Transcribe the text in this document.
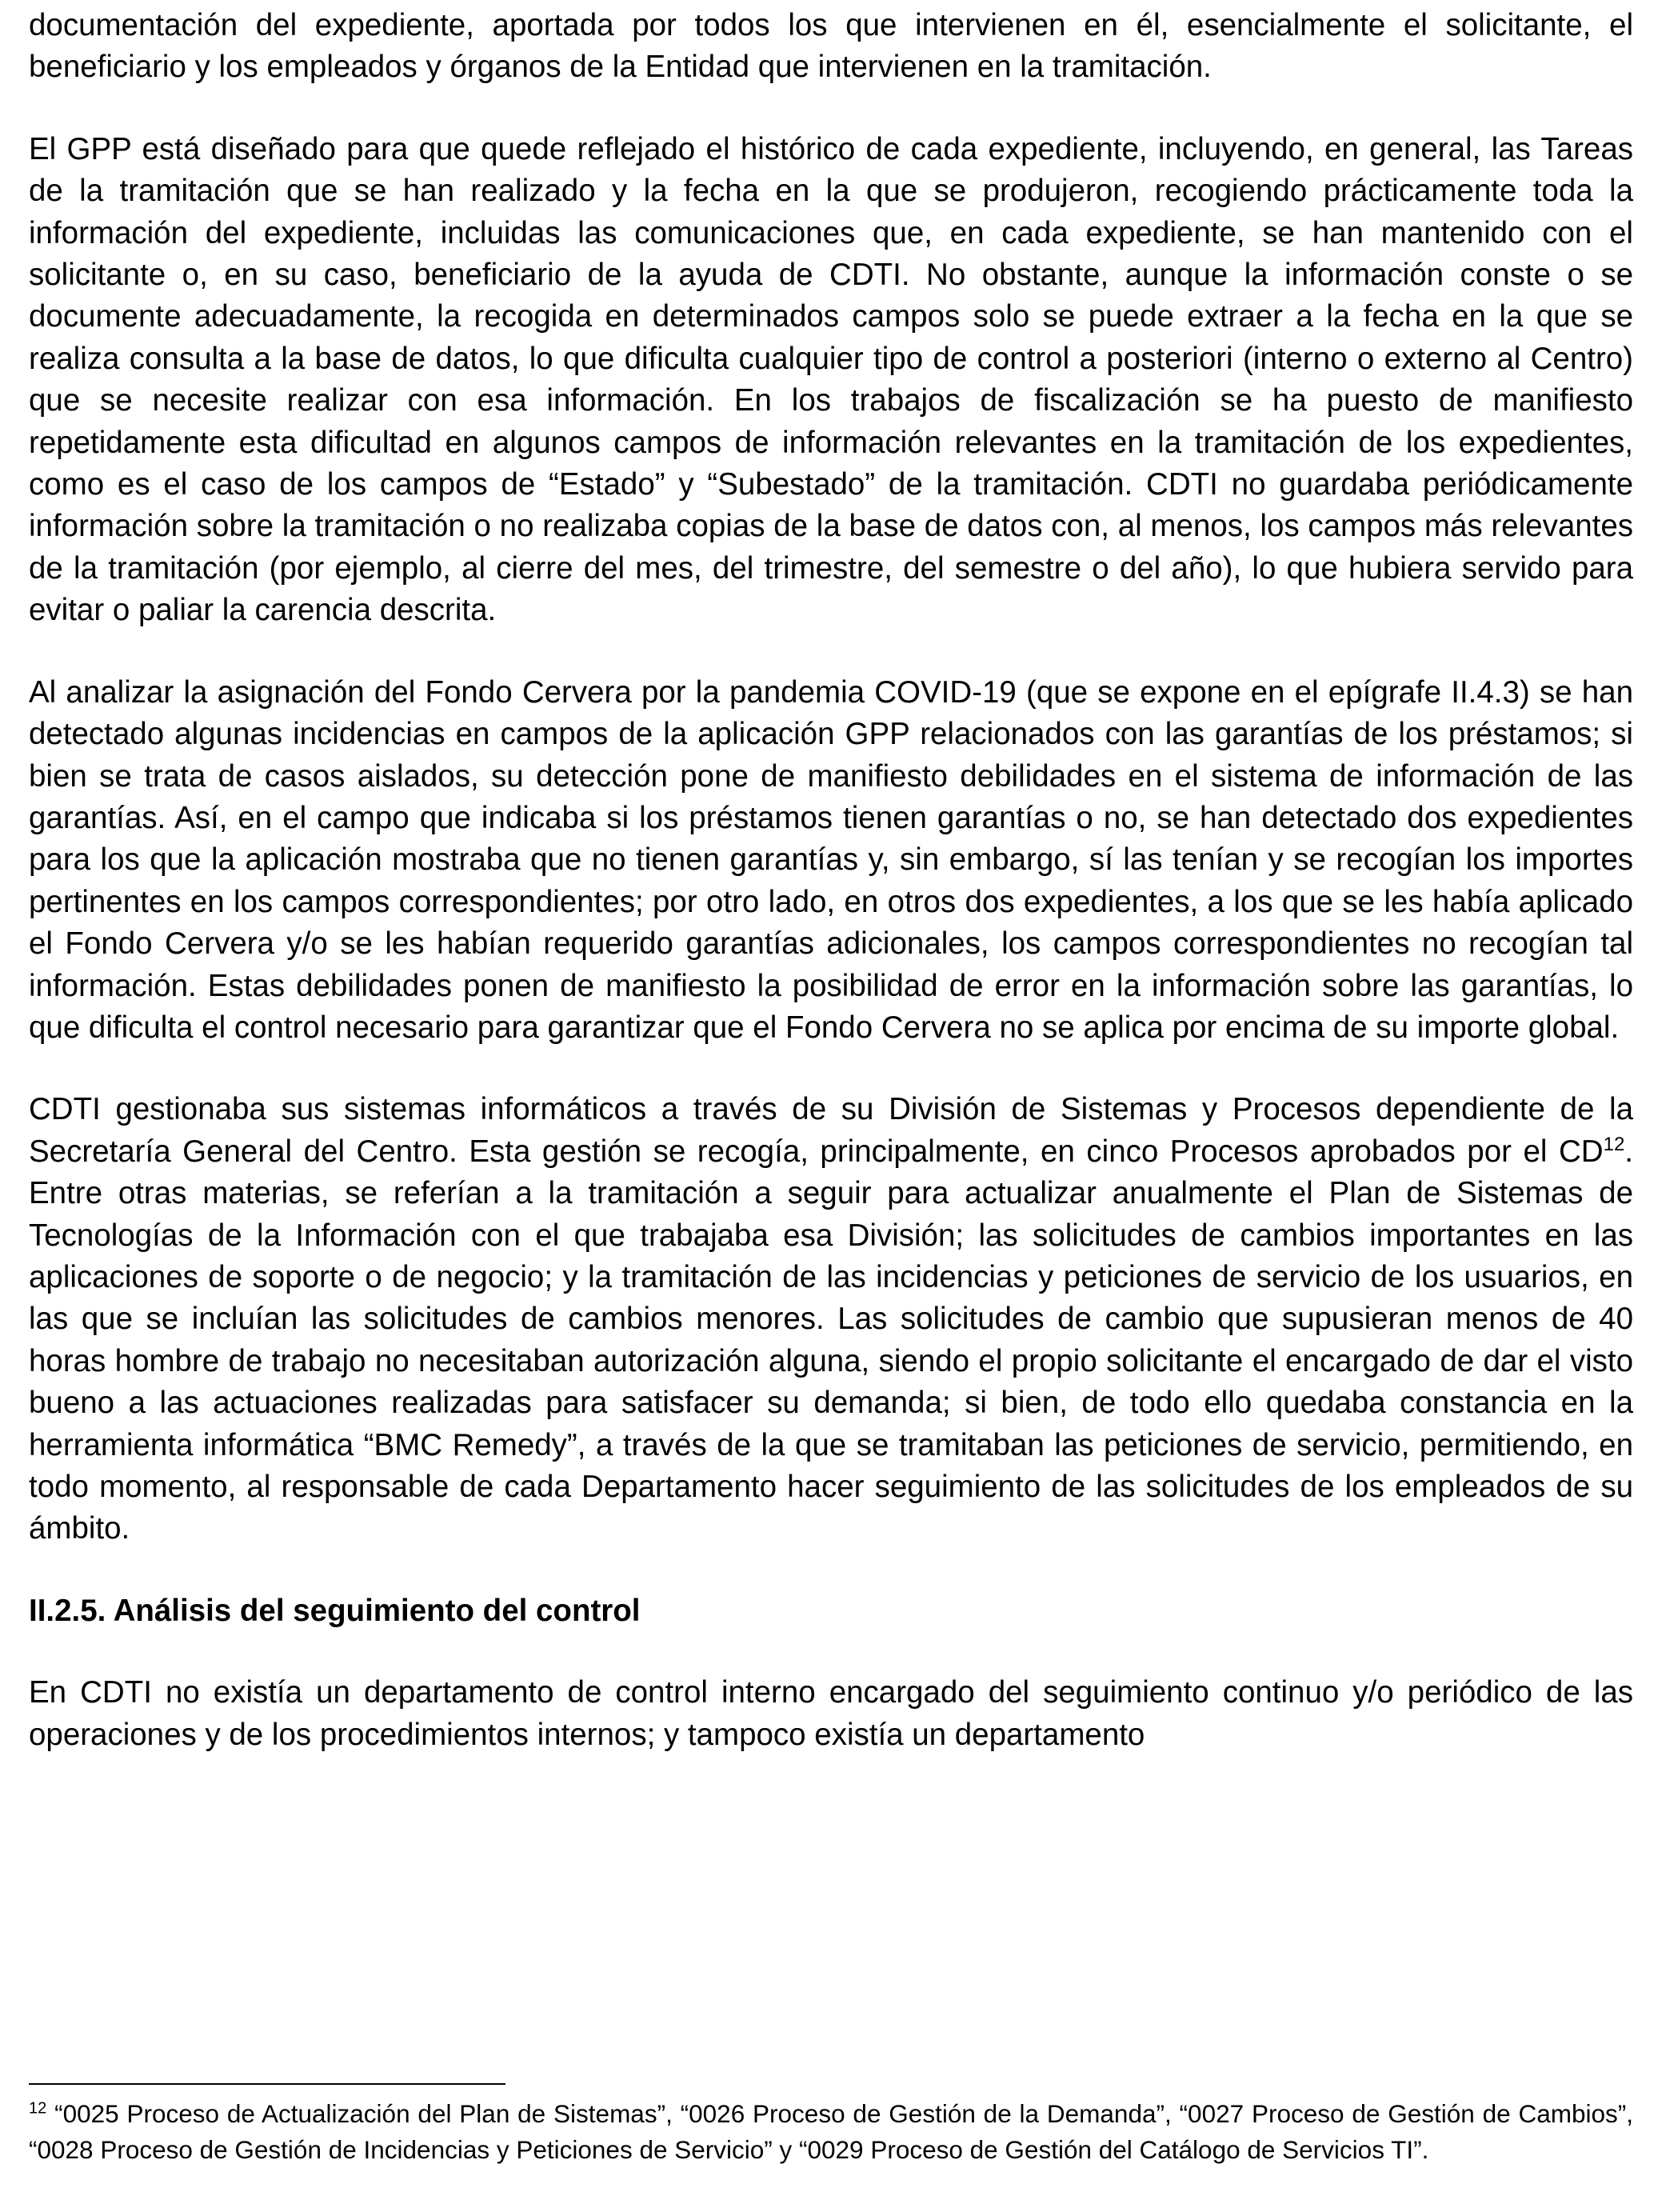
documentación del expediente, aportada por todos los que intervienen en él, esencialmente el solicitante, el beneficiario y los empleados y órganos de la Entidad que intervienen en la tramitación.

El GPP está diseñado para que quede reflejado el histórico de cada expediente, incluyendo, en general, las Tareas de la tramitación que se han realizado y la fecha en la que se produjeron, recogiendo prácticamente toda la información del expediente, incluidas las comunicaciones que, en cada expediente, se han mantenido con el solicitante o, en su caso, beneficiario de la ayuda de CDTI. No obstante, aunque la información conste o se documente adecuadamente, la recogida en determinados campos solo se puede extraer a la fecha en la que se realiza consulta a la base de datos, lo que dificulta cualquier tipo de control a posteriori (interno o externo al Centro) que se necesite realizar con esa información. En los trabajos de fiscalización se ha puesto de manifiesto repetidamente esta dificultad en algunos campos de información relevantes en la tramitación de los expedientes, como es el caso de los campos de “Estado” y “Subestado” de la tramitación. CDTI no guardaba periódicamente información sobre la tramitación o no realizaba copias de la base de datos con, al menos, los campos más relevantes de la tramitación (por ejemplo, al cierre del mes, del trimestre, del semestre o del año), lo que hubiera servido para evitar o paliar la carencia descrita.

Al analizar la asignación del Fondo Cervera por la pandemia COVID-19 (que se expone en el epígrafe II.4.3) se han detectado algunas incidencias en campos de la aplicación GPP relacionados con las garantías de los préstamos; si bien se trata de casos aislados, su detección pone de manifiesto debilidades en el sistema de información de las garantías. Así, en el campo que indicaba si los préstamos tienen garantías o no, se han detectado dos expedientes para los que la aplicación mostraba que no tienen garantías y, sin embargo, sí las tenían y se recogían los importes pertinentes en los campos correspondientes; por otro lado, en otros dos expedientes, a los que se les había aplicado el Fondo Cervera y/o se les habían requerido garantías adicionales, los campos correspondientes no recogían tal información. Estas debilidades ponen de manifiesto la posibilidad de error en la información sobre las garantías, lo que dificulta el control necesario para garantizar que el Fondo Cervera no se aplica por encima de su importe global.

CDTI gestionaba sus sistemas informáticos a través de su División de Sistemas y Procesos dependiente de la Secretaría General del Centro. Esta gestión se recogía, principalmente, en cinco Procesos aprobados por el CD$^{12}$. Entre otras materias, se referían a la tramitación a seguir para actualizar anualmente el Plan de Sistemas de Tecnologías de la Información con el que trabajaba esa División; las solicitudes de cambios importantes en las aplicaciones de soporte o de negocio; y la tramitación de las incidencias y peticiones de servicio de los usuarios, en las que se incluían las solicitudes de cambios menores. Las solicitudes de cambio que supusieran menos de 40 horas hombre de trabajo no necesitaban autorización alguna, siendo el propio solicitante el encargado de dar el visto bueno a las actuaciones realizadas para satisfacer su demanda; si bien, de todo ello quedaba constancia en la herramienta informática “BMC Remedy”, a través de la que se tramitaban las peticiones de servicio, permitiendo, en todo momento, al responsable de cada Departamento hacer seguimiento de las solicitudes de los empleados de su ámbito.

II.2.5. Análisis del seguimiento del control

En CDTI no existía un departamento de control interno encargado del seguimiento continuo y/o periódico de las operaciones y de los procedimientos internos; y tampoco existía un departamento

$^{12}$ “0025 Proceso de Actualización del Plan de Sistemas”, “0026 Proceso de Gestión de la Demanda”, “0027 Proceso de Gestión de Cambios”, “0028 Proceso de Gestión de Incidencias y Peticiones de Servicio” y “0029 Proceso de Gestión del Catálogo de Servicios TI”.
